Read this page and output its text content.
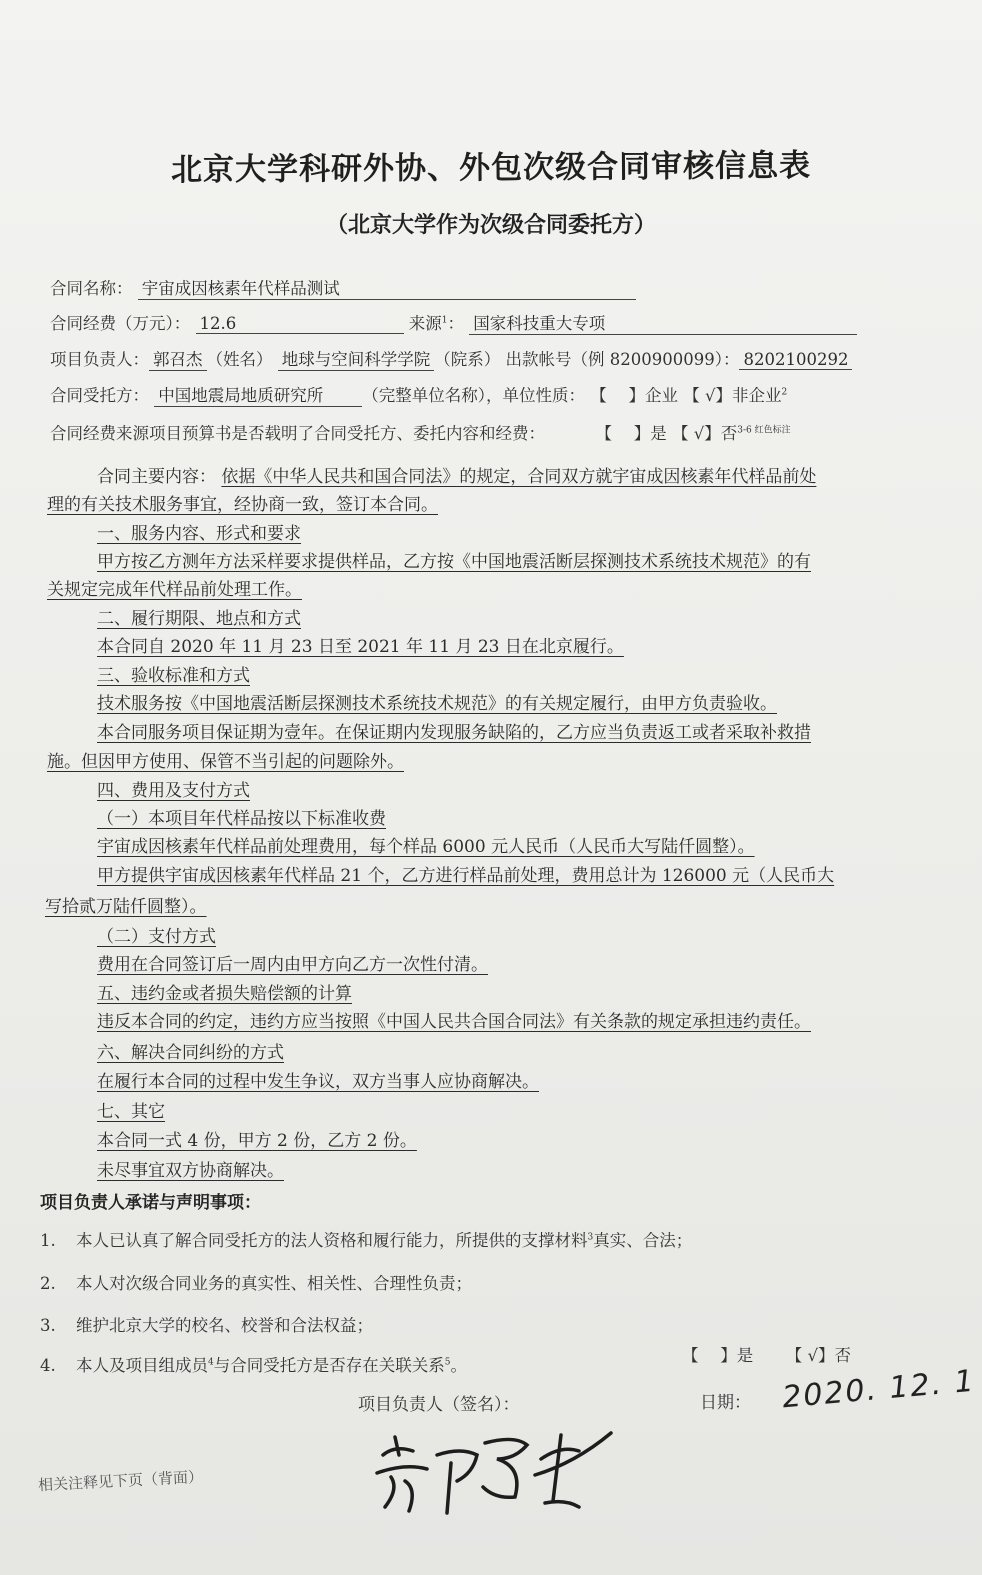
北京大学科研外协、外包次级合同审核信息表
（北京大学作为次级合同委托方）
合同名称： 宇宙成因核素年代样品测试
合同经费（万元）： 12.6	来源$^1$： 国家科技重大专项
项目负责人： 郭召杰 （姓名） 地球与空间科学学院 （院系） 出款帐号（例 8200900099）： 8202100292
合同受托方： 中国地震局地质研究所 （完整单位名称），单位性质： 【　 】企业 【 √】非企业$^2$
合同经费来源项目预算书是否载明了合同受托方、委托内容和经费：	【　 】是 【 √】否$^{3-6 红色标注}$
合同主要内容： 依据《中华人民共和国合同法》的规定，合同双方就宇宙成因核素年代样品前处
理的有关技术服务事宜，经协商一致，签订本合同。
一、服务内容、形式和要求
甲方按乙方测年方法采样要求提供样品，乙方按《中国地震活断层探测技术系统技术规范》的有
关规定完成年代样品前处理工作。
二、履行期限、地点和方式
本合同自 2020 年 11 月 23 日至 2021 年 11 月 23 日在北京履行。
三、验收标准和方式
技术服务按《中国地震活断层探测技术系统技术规范》的有关规定履行，由甲方负责验收。
本合同服务项目保证期为壹年。在保证期内发现服务缺陷的，乙方应当负责返工或者采取补救措
施。但因甲方使用、保管不当引起的问题除外。
四、费用及支付方式
（一）本项目年代样品按以下标准收费
宇宙成因核素年代样品前处理费用，每个样品 6000 元人民币（人民币大写陆仟圆整）。
甲方提供宇宙成因核素年代样品 21 个，乙方进行样品前处理，费用总计为 126000 元（人民币大
写拾贰万陆仟圆整）。
（二）支付方式
费用在合同签订后一周内由甲方向乙方一次性付清。
五、违约金或者损失赔偿额的计算
违反本合同的约定，违约方应当按照《中国人民共合国合同法》有关条款的规定承担违约责任。
六、解决合同纠纷的方式
在履行本合同的过程中发生争议，双方当事人应协商解决。
七、其它
本合同一式 4 份，甲方 2 份，乙方 2 份。
未尽事宜双方协商解决。
项目负责人承诺与声明事项：
1. 本人已认真了解合同受托方的法人资格和履行能力，所提供的支撑材料$^3$真实、合法；
2. 本人对次级合同业务的真实性、相关性、合理性负责；
3. 维护北京大学的校名、校誉和合法权益；
4. 本人及项目组成员$^4$与合同受托方是否存在关联关系$^5$。
【　 】是 【 √】否
项目负责人（签名）：	日期： 2020. 12. 1
相关注释见下页（背面）
